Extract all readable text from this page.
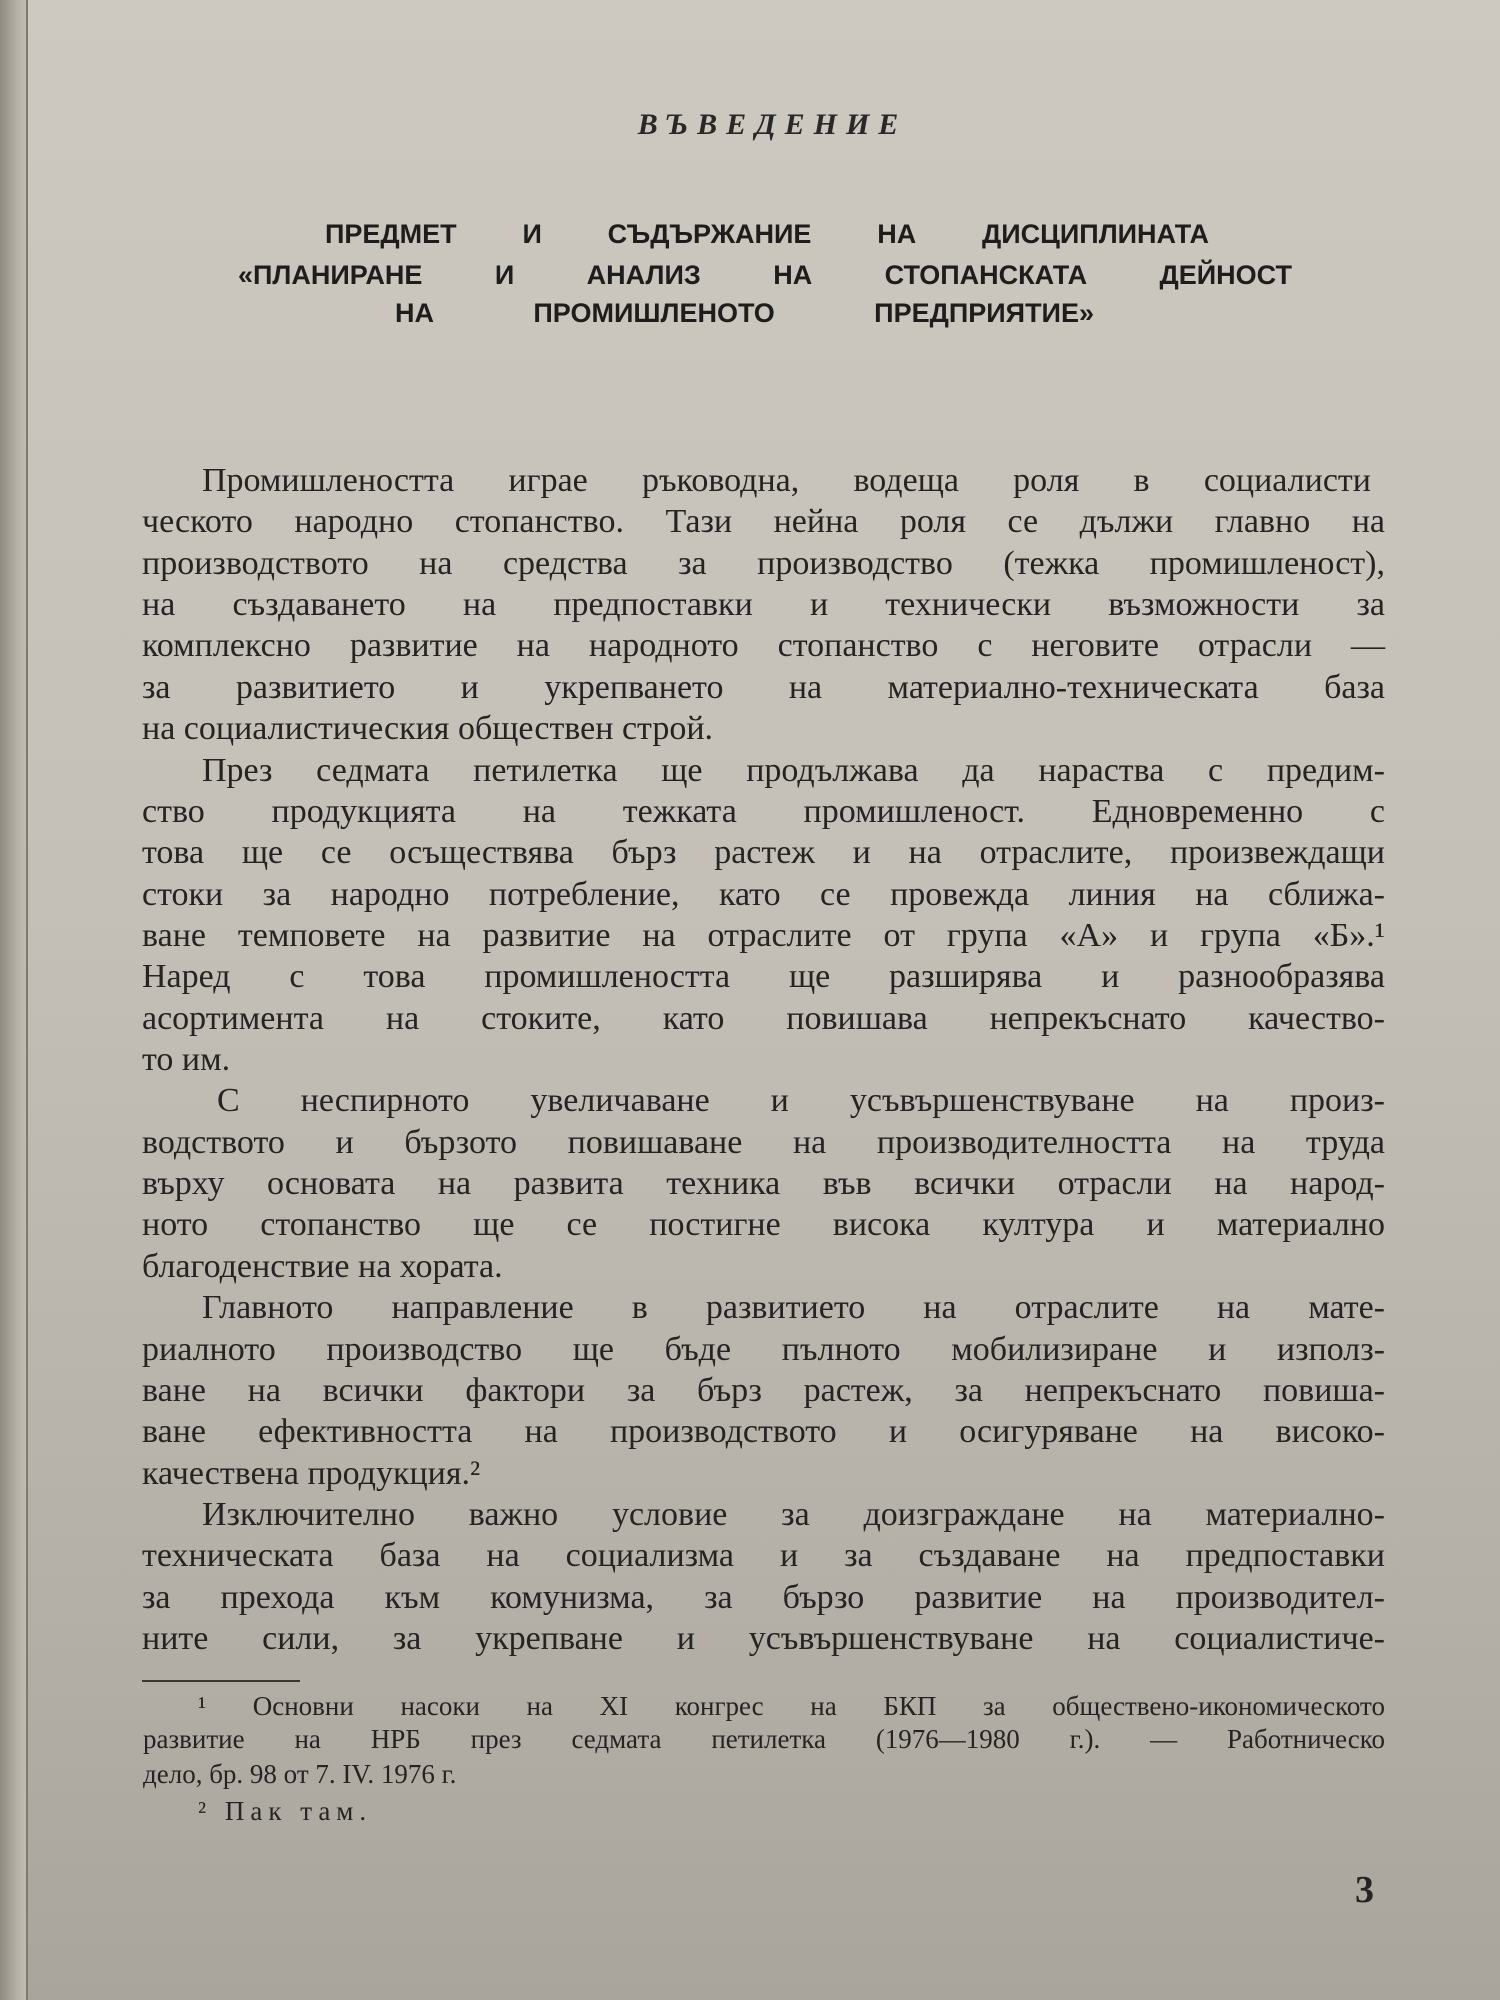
ВЪВЕДЕНИЕ
ПРЕДМЕТ И СЪДЪРЖАНИЕ НА ДИСЦИПЛИНАТА
«ПЛАНИРАНЕ И АНАЛИЗ НА СТОПАНСКАТА ДЕЙНОСТ
НА ПРОМИШЛЕНОТО ПРЕДПРИЯТИЕ»
Промишлеността играе ръководна, водеща роля в социалисти
ческото народно стопанство. Тази нейна роля се дължи главно на
производството на средства за производство (тежка промишленост),
на създаването на предпоставки и технически възможности за
комплексно развитие на народното стопанство с неговите отрасли —
за развитието и укрепването на материално-техническата база
на социалистическия обществен строй.
През седмата петилетка ще продължава да нараства с предим-
ство продукцията на тежката промишленост. Едновременно с
това ще се осъществява бърз растеж и на отраслите, произвеждащи
стоки за народно потребление, като се провежда линия на сближа-
ване темповете на развитие на отраслите от група «А» и група «Б».¹
Наред с това промишлеността ще разширява и разнообразява
асортимента на стоките, като повишава непрекъснато качество-
то им.
С неспирното увеличаване и усъвършенствуване на произ-
водството и бързото повишаване на производителността на труда
върху основата на развита техника във всички отрасли на народ-
ното стопанство ще се постигне висока култура и материално
благоденствие на хората.
Главното направление в развитието на отраслите на мате-
риалното производство ще бъде пълното мобилизиране и използ-
ване на всички фактори за бърз растеж, за непрекъснато повиша-
ване ефективността на производството и осигуряване на високо-
качествена продукция.²
Изключително важно условие за доизграждане на материално-
техническата база на социализма и за създаване на предпоставки
за прехода към комунизма, за бързо развитие на производител-
ните сили, за укрепване и усъвършенствуване на социалистиче-
¹ Основни насоки на XI конгрес на БКП за обществено-икономическото
развитие на НРБ през седмата петилетка (1976—1980 г.). — Работническо
дело, бр. 98 от 7. IV. 1976 г.
² Пак там.
3
